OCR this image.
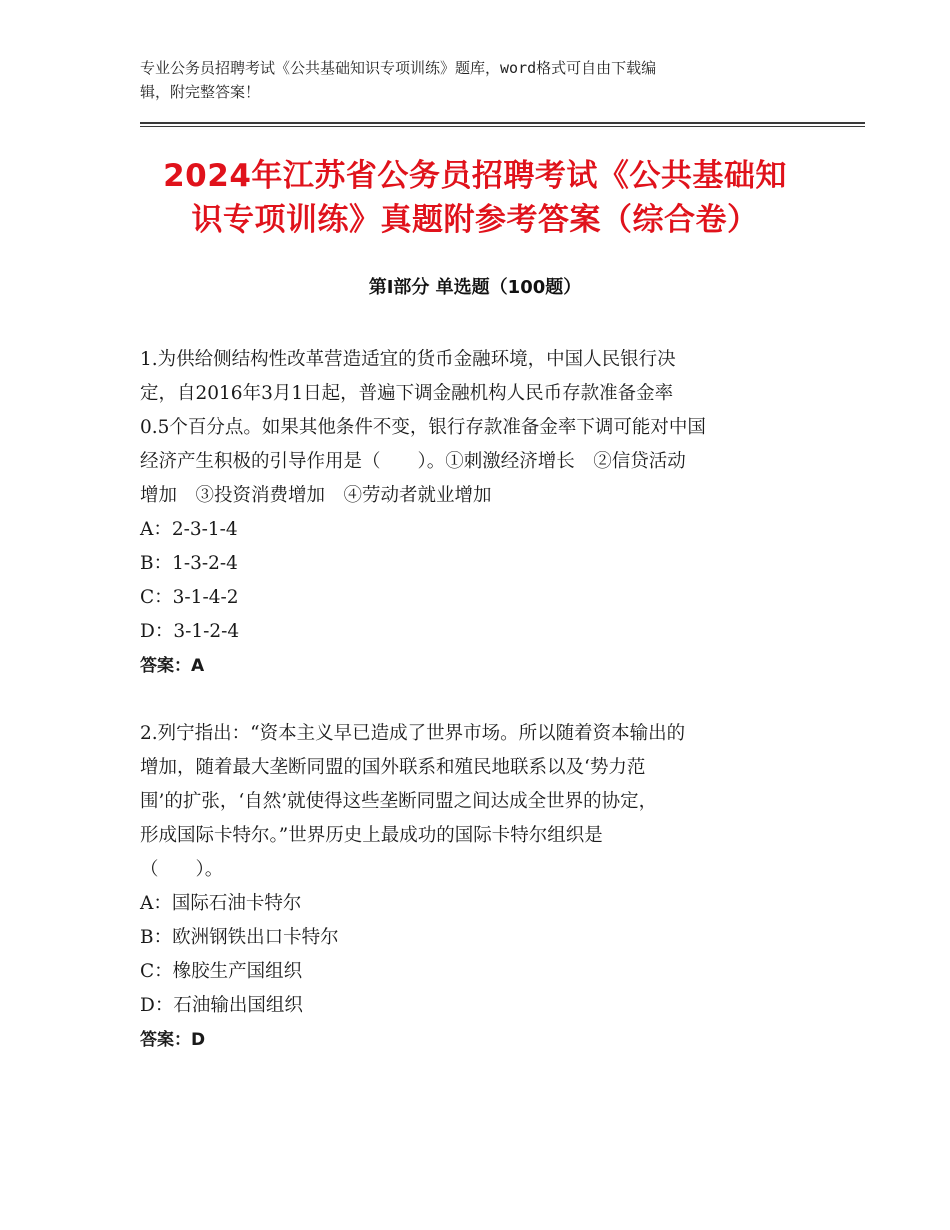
专业公务员招聘考试《公共基础知识专项训练》题库，word格式可自由下载编
辑，附完整答案！
2024年江苏省公务员招聘考试《公共基础知
识专项训练》真题附参考答案（综合卷）
第Ⅰ部分 单选题（100题）

1.为供给侧结构性改革营造适宜的货币金融环境，中国人民银行决

定，自2016年3月1日起，普遍下调金融机构人民币存款准备金率

0.5个百分点。如果其他条件不变，银行存款准备金率下调可能对中国

经济产生积极的引导作用是（　　）。①刺激经济增长　②信贷活动

增加　③投资消费增加　④劳动者就业增加

A：2-3-1-4

B：1-3-2-4

C：3-1-4-2

D：3-1-2-4

答案：A

2.列宁指出：“资本主义早已造成了世界市场。所以随着资本输出的

增加，随着最大垄断同盟的国外联系和殖民地联系以及‘势力范

围’的扩张，‘自然’就使得这些垄断同盟之间达成全世界的协定，

形成国际卡特尔。”世界历史上最成功的国际卡特尔组织是

（　　）。

A：国际石油卡特尔

B：欧洲钢铁出口卡特尔

C：橡胶生产国组织

D：石油输出国组织

答案：D
